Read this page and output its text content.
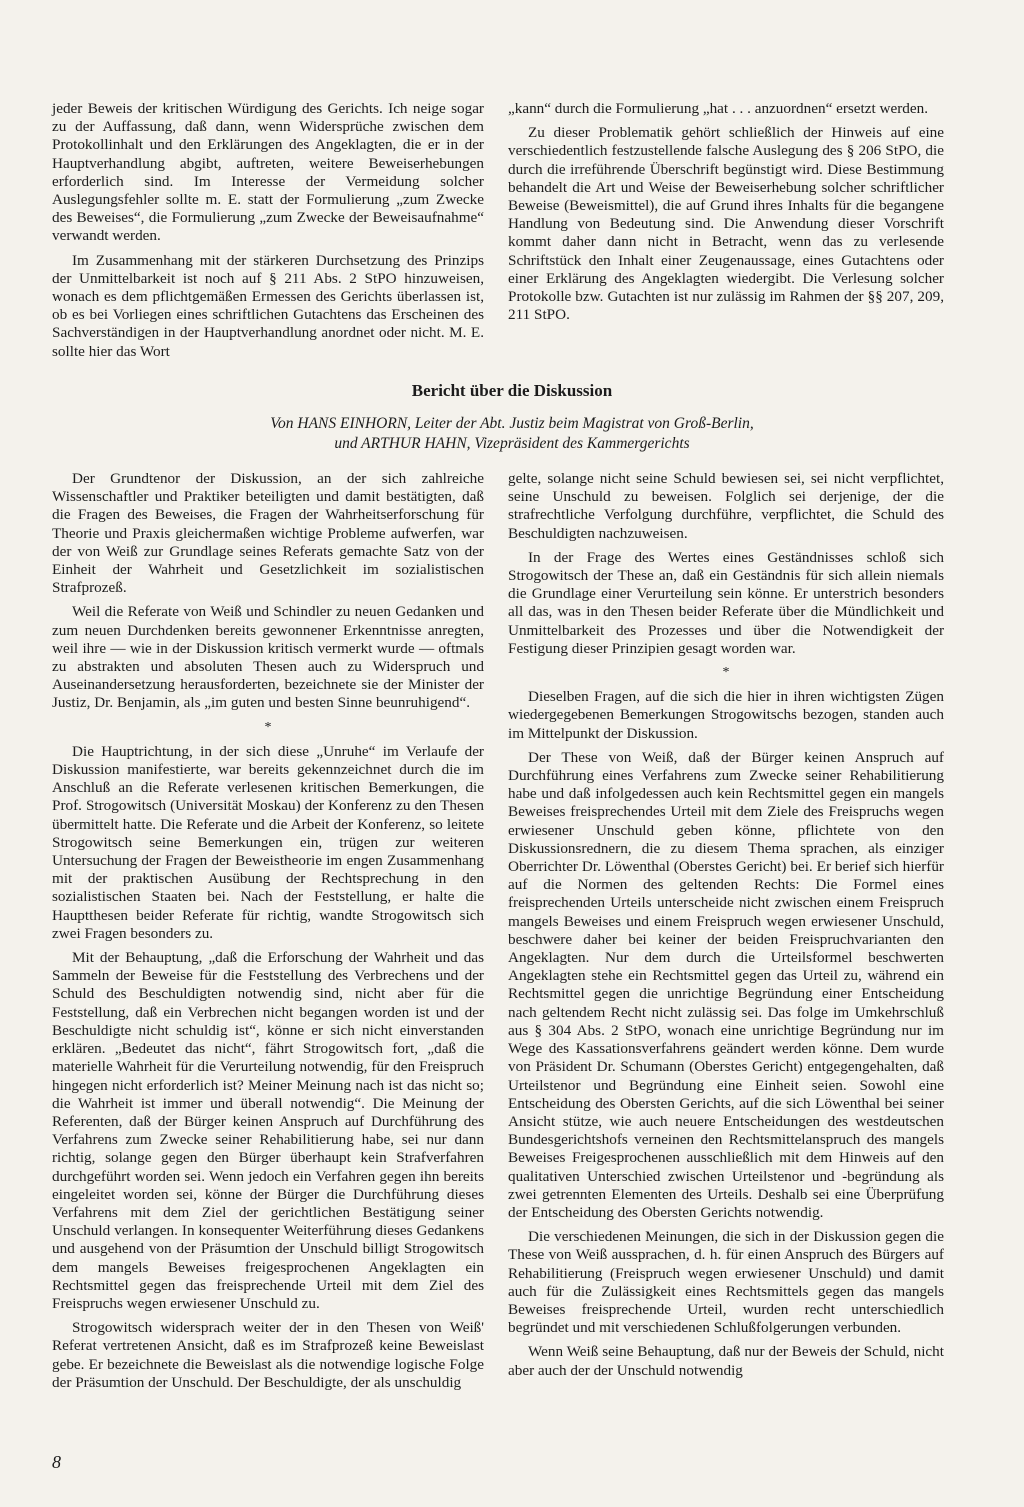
jeder Beweis der kritischen Würdigung des Gerichts. Ich neige sogar zu der Auffassung, daß dann, wenn Widersprüche zwischen dem Protokollinhalt und den Erklärungen des Angeklagten, die er in der Hauptverhandlung abgibt, auftreten, weitere Beweiserhebungen erforderlich sind. Im Interesse der Vermeidung solcher Auslegungsfehler sollte m. E. statt der Formulierung „zum Zwecke des Beweises“, die Formulierung „zum Zwecke der Beweisaufnahme“ verwandt werden.

Im Zusammenhang mit der stärkeren Durchsetzung des Prinzips der Unmittelbarkeit ist noch auf § 211 Abs. 2 StPO hinzuweisen, wonach es dem pflichtgemäßen Ermessen des Gerichts überlassen ist, ob es bei Vorliegen eines schriftlichen Gutachtens das Erscheinen des Sachverständigen in der Hauptverhandlung anordnet oder nicht. M. E. sollte hier das Wort

„kann“ durch die Formulierung „hat . . . anzuordnen“ ersetzt werden.

Zu dieser Problematik gehört schließlich der Hinweis auf eine verschiedentlich festzustellende falsche Auslegung des § 206 StPO, die durch die irreführende Überschrift begünstigt wird. Diese Bestimmung behandelt die Art und Weise der Beweiserhebung solcher schriftlicher Beweise (Beweismittel), die auf Grund ihres Inhalts für die begangene Handlung von Bedeutung sind. Die Anwendung dieser Vorschrift kommt daher dann nicht in Betracht, wenn das zu verlesende Schriftstück den Inhalt einer Zeugenaussage, eines Gutachtens oder einer Erklärung des Angeklagten wiedergibt. Die Verlesung solcher Protokolle bzw. Gutachten ist nur zulässig im Rahmen der §§ 207, 209, 211 StPO.

Bericht über die Diskussion
Von HANS EINHORN, Leiter der Abt. Justiz beim Magistrat von Groß-Berlin,
und ARTHUR HAHN, Vizepräsident des Kammergerichts

Der Grundtenor der Diskussion, an der sich zahlreiche Wissenschaftler und Praktiker beteiligten und damit bestätigten, daß die Fragen des Beweises, die Fragen der Wahrheitserforschung für Theorie und Praxis gleichermaßen wichtige Probleme aufwerfen, war der von Weiß zur Grundlage seines Referats gemachte Satz von der Einheit der Wahrheit und Gesetzlichkeit im sozialistischen Strafprozeß.

Weil die Referate von Weiß und Schindler zu neuen Gedanken und zum neuen Durchdenken bereits gewonnener Erkenntnisse anregten, weil ihre — wie in der Diskussion kritisch vermerkt wurde — oftmals zu abstrakten und absoluten Thesen auch zu Widerspruch und Auseinandersetzung herausforderten, bezeichnete sie der Minister der Justiz, Dr. Benjamin, als „im guten und besten Sinne beunruhigend“.

*

Die Hauptrichtung, in der sich diese „Unruhe“ im Verlaufe der Diskussion manifestierte, war bereits gekennzeichnet durch die im Anschluß an die Referate verlesenen kritischen Bemerkungen, die Prof. Strogowitsch (Universität Moskau) der Konferenz zu den Thesen übermittelt hatte. Die Referate und die Arbeit der Konferenz, so leitete Strogowitsch seine Bemerkungen ein, trügen zur weiteren Untersuchung der Fragen der Beweistheorie im engen Zusammenhang mit der praktischen Ausübung der Rechtsprechung in den sozialistischen Staaten bei. Nach der Feststellung, er halte die Hauptthesen beider Referate für richtig, wandte Strogowitsch sich zwei Fragen besonders zu.

Mit der Behauptung, „daß die Erforschung der Wahrheit und das Sammeln der Beweise für die Feststellung des Verbrechens und der Schuld des Beschuldigten notwendig sind, nicht aber für die Feststellung, daß ein Verbrechen nicht begangen worden ist und der Beschuldigte nicht schuldig ist“, könne er sich nicht einverstanden erklären. „Bedeutet das nicht“, fährt Strogowitsch fort, „daß die materielle Wahrheit für die Verurteilung notwendig, für den Freispruch hingegen nicht erforderlich ist? Meiner Meinung nach ist das nicht so; die Wahrheit ist immer und überall notwendig“. Die Meinung der Referenten, daß der Bürger keinen Anspruch auf Durchführung des Verfahrens zum Zwecke seiner Rehabilitierung habe, sei nur dann richtig, solange gegen den Bürger überhaupt kein Strafverfahren durchgeführt worden sei. Wenn jedoch ein Verfahren gegen ihn bereits eingeleitet worden sei, könne der Bürger die Durchführung dieses Verfahrens mit dem Ziel der gerichtlichen Bestätigung seiner Unschuld verlangen. In konsequenter Weiterführung dieses Gedankens und ausgehend von der Präsumtion der Unschuld billigt Strogowitsch dem mangels Beweises freigesprochenen Angeklagten ein Rechtsmittel gegen das freisprechende Urteil mit dem Ziel des Freispruchs wegen erwiesener Unschuld zu.

Strogowitsch widersprach weiter der in den Thesen von Weiß' Referat vertretenen Ansicht, daß es im Strafprozeß keine Beweislast gebe. Er bezeichnete die Beweislast als die notwendige logische Folge der Präsumtion der Unschuld. Der Beschuldigte, der als unschuldig

gelte, solange nicht seine Schuld bewiesen sei, sei nicht verpflichtet, seine Unschuld zu beweisen. Folglich sei derjenige, der die strafrechtliche Verfolgung durchführe, verpflichtet, die Schuld des Beschuldigten nachzuweisen.

In der Frage des Wertes eines Geständnisses schloß sich Strogowitsch der These an, daß ein Geständnis für sich allein niemals die Grundlage einer Verurteilung sein könne. Er unterstrich besonders all das, was in den Thesen beider Referate über die Mündlichkeit und Unmittelbarkeit des Prozesses und über die Notwendigkeit der Festigung dieser Prinzipien gesagt worden war.

*

Dieselben Fragen, auf die sich die hier in ihren wichtigsten Zügen wiedergegebenen Bemerkungen Strogowitschs bezogen, standen auch im Mittelpunkt der Diskussion.

Der These von Weiß, daß der Bürger keinen Anspruch auf Durchführung eines Verfahrens zum Zwecke seiner Rehabilitierung habe und daß infolgedessen auch kein Rechtsmittel gegen ein mangels Beweises freisprechendes Urteil mit dem Ziele des Freispruchs wegen erwiesener Unschuld geben könne, pflichtete von den Diskussionsrednern, die zu diesem Thema sprachen, als einziger Oberrichter Dr. Löwenthal (Oberstes Gericht) bei. Er berief sich hierfür auf die Normen des geltenden Rechts: Die Formel eines freisprechenden Urteils unterscheide nicht zwischen einem Freispruch mangels Beweises und einem Freispruch wegen erwiesener Unschuld, beschwere daher bei keiner der beiden Freispruchvarianten den Angeklagten. Nur dem durch die Urteilsformel beschwerten Angeklagten stehe ein Rechtsmittel gegen das Urteil zu, während ein Rechtsmittel gegen die unrichtige Begründung einer Entscheidung nach geltendem Recht nicht zulässig sei. Das folge im Umkehrschluß aus § 304 Abs. 2 StPO, wonach eine unrichtige Begründung nur im Wege des Kassationsverfahrens geändert werden könne. Dem wurde von Präsident Dr. Schumann (Oberstes Gericht) entgegengehalten, daß Urteilstenor und Begründung eine Einheit seien. Sowohl eine Entscheidung des Obersten Gerichts, auf die sich Löwenthal bei seiner Ansicht stütze, wie auch neuere Entscheidungen des westdeutschen Bundesgerichtshofs verneinen den Rechtsmittelanspruch des mangels Beweises Freigesprochenen ausschließlich mit dem Hinweis auf den qualitativen Unterschied zwischen Urteilstenor und -begründung als zwei getrennten Elementen des Urteils. Deshalb sei eine Überprüfung der Entscheidung des Obersten Gerichts notwendig.

Die verschiedenen Meinungen, die sich in der Diskussion gegen die These von Weiß aussprachen, d. h. für einen Anspruch des Bürgers auf Rehabilitierung (Freispruch wegen erwiesener Unschuld) und damit auch für die Zulässigkeit eines Rechtsmittels gegen das mangels Beweises freisprechende Urteil, wurden recht unterschiedlich begründet und mit verschiedenen Schlußfolgerungen verbunden.

Wenn Weiß seine Behauptung, daß nur der Beweis der Schuld, nicht aber auch der der Unschuld notwendig

8
